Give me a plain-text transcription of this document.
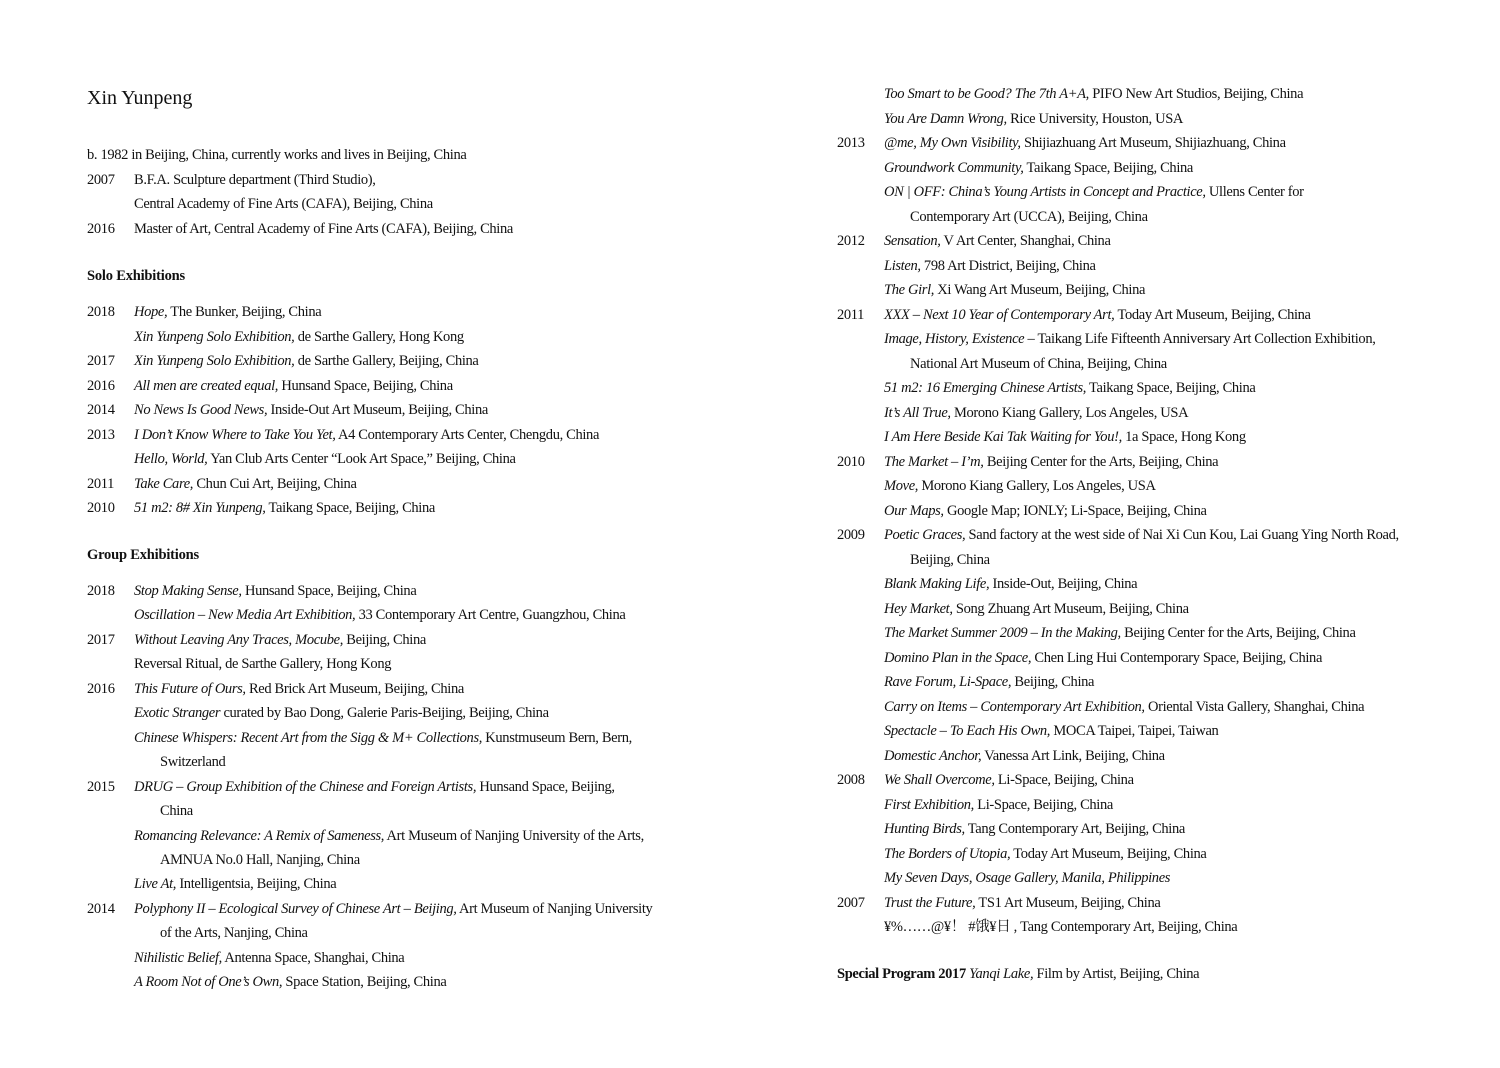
Xin Yunpeng
b. 1982 in Beijing, China, currently works and lives in Beijing, China
2007	B.F.A. Sculpture department (Third Studio),
Central Academy of Fine Arts (CAFA), Beijing, China
2016	Master of Art, Central Academy of Fine Arts (CAFA), Beijing, China
Solo Exhibitions
2018	Hope, The Bunker, Beijing, China
Xin Yunpeng Solo Exhibition, de Sarthe Gallery, Hong Kong
2017	Xin Yunpeng Solo Exhibition, de Sarthe Gallery, Beijing, China
2016	All men are created equal, Hunsand Space, Beijing, China
2014	No News Is Good News, Inside-Out Art Museum, Beijing, China
2013	I Don’t Know Where to Take You Yet, A4 Contemporary Arts Center, Chengdu, China
Hello, World, Yan Club Arts Center “Look Art Space,” Beijing, China
2011	Take Care, Chun Cui Art, Beijing, China
2010	51 m2: 8# Xin Yunpeng, Taikang Space, Beijing, China
Group Exhibitions
2018	Stop Making Sense, Hunsand Space, Beijing, China
Oscillation – New Media Art Exhibition, 33 Contemporary Art Centre, Guangzhou, China
2017	Without Leaving Any Traces, Mocube, Beijing, China
Reversal Ritual, de Sarthe Gallery, Hong Kong
2016	This Future of Ours, Red Brick Art Museum, Beijing, China
Exotic Stranger curated by Bao Dong, Galerie Paris-Beijing, Beijing, China
Chinese Whispers: Recent Art from the Sigg & M+ Collections, Kunstmuseum Bern, Bern,
Switzerland
2015	DRUG – Group Exhibition of the Chinese and Foreign Artists, Hunsand Space, Beijing,
China
Romancing Relevance: A Remix of Sameness, Art Museum of Nanjing University of the Arts,
AMNUA No.0 Hall, Nanjing, China
Live At, Intelligentsia, Beijing, China
2014	Polyphony II – Ecological Survey of Chinese Art – Beijing, Art Museum of Nanjing University
of the Arts, Nanjing, China
Nihilistic Belief, Antenna Space, Shanghai, China
A Room Not of One’s Own, Space Station, Beijing, China
Too Smart to be Good? The 7th A+A, PIFO New Art Studios, Beijing, China
You Are Damn Wrong, Rice University, Houston, USA
2013	@me, My Own Visibility, Shijiazhuang Art Museum, Shijiazhuang, China
Groundwork Community, Taikang Space, Beijing, China
ON | OFF: China’s Young Artists in Concept and Practice, Ullens Center for
Contemporary Art (UCCA), Beijing, China
2012	Sensation, V Art Center, Shanghai, China
Listen, 798 Art District, Beijing, China
The Girl, Xi Wang Art Museum, Beijing, China
2011	XXX – Next 10 Year of Contemporary Art, Today Art Museum, Beijing, China
Image, History, Existence – Taikang Life Fifteenth Anniversary Art Collection Exhibition,
National Art Museum of China, Beijing, China
51 m2: 16 Emerging Chinese Artists, Taikang Space, Beijing, China
It’s All True, Morono Kiang Gallery, Los Angeles, USA
I Am Here Beside Kai Tak Waiting for You!, 1a Space, Hong Kong
2010	The Market – I’m, Beijing Center for the Arts, Beijing, China
Move, Morono Kiang Gallery, Los Angeles, USA
Our Maps, Google Map; IONLY; Li-Space, Beijing, China
2009	Poetic Graces, Sand factory at the west side of Nai Xi Cun Kou, Lai Guang Ying North Road,
Beijing, China
Blank Making Life, Inside-Out, Beijing, China
Hey Market, Song Zhuang Art Museum, Beijing, China
The Market Summer 2009 – In the Making, Beijing Center for the Arts, Beijing, China
Domino Plan in the Space, Chen Ling Hui Contemporary Space, Beijing, China
Rave Forum, Li-Space, Beijing, China
Carry on Items – Contemporary Art Exhibition, Oriental Vista Gallery, Shanghai, China
Spectacle – To Each His Own, MOCA Taipei, Taipei, Taiwan
Domestic Anchor, Vanessa Art Link, Beijing, China
2008	We Shall Overcome, Li-Space, Beijing, China
First Exhibition, Li-Space, Beijing, China
Hunting Birds, Tang Contemporary Art, Beijing, China
The Borders of Utopia, Today Art Museum, Beijing, China
My Seven Days, Osage Gallery, Manila, Philippines
2007	Trust the Future, TS1 Art Museum, Beijing, China
¥%……@¥！ #饿¥日 , Tang Contemporary Art, Beijing, China
Special Program 2017 Yanqi Lake, Film by Artist, Beijing, China
